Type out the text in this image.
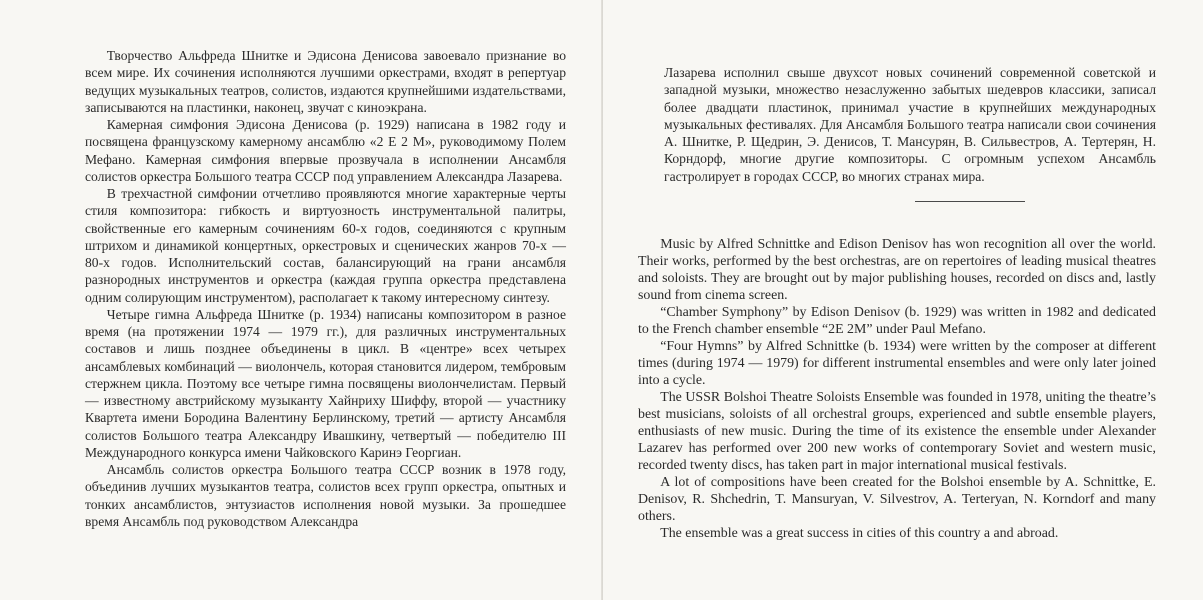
Творчество Альфреда Шнитке и Эдисона Денисова завоевало признание во всем мире. Их сочинения исполняются лучшими оркестрами, входят в репертуар ведущих музыкальных театров, солистов, издаются крупнейшими издательствами, записываются на пластинки, наконец, звучат с киноэкрана.

Камерная симфония Эдисона Денисова (р. 1929) написана в 1982 году и посвящена французскому камерному ансамблю «2 Е 2 М», руководимому Полем Мефано. Камерная симфония впервые прозвучала в исполнении Ансамбля солистов оркестра Большого театра СССР под управлением Александра Лазарева.

В трехчастной симфонии отчетливо проявляются многие характерные черты стиля композитора: гибкость и виртуозность инструментальной палитры, свойственные его камерным сочинениям 60-х годов, соединяются с крупным штрихом и динамикой концертных, оркестровых и сценических жанров 70-х — 80-х годов. Исполнительский состав, балансирующий на грани ансамбля разнородных инструментов и оркестра (каждая группа оркестра представлена одним солирующим инструментом), располагает к такому интересному синтезу.

Четыре гимна Альфреда Шнитке (р. 1934) написаны композитором в разное время (на протяжении 1974 — 1979 гг.), для различных инструментальных составов и лишь позднее объединены в цикл. В «центре» всех четырех ансамблевых комбинаций — виолончель, которая становится лидером, тембровым стержнем цикла. Поэтому все четыре гимна посвящены виолончелистам. Первый — известному австрийскому музыканту Хайнриху Шиффу, второй — участнику Квартета имени Бородина Валентину Берлинскому, третий — артисту Ансамбля солистов Большого театра Александру Ивашкину, четвертый — победителю III Международного конкурса имени Чайковского Каринэ Георгиан.

Ансамбль солистов оркестра Большого театра СССР возник в 1978 году, объединив лучших музыкантов театра, солистов всех групп оркестра, опытных и тонких ансамблистов, энтузиастов исполнения новой музыки. За прошедшее время Ансамбль под руководством Александра

Лазарева исполнил свыше двухсот новых сочинений современной советской и западной музыки, множество незаслуженно забытых шедевров классики, записал более двадцати пластинок, принимал участие в крупнейших международных музыкальных фестивалях. Для Ансамбля Большого театра написали свои сочинения А. Шнитке, Р. Щедрин, Э. Денисов, Т. Мансурян, В. Сильвестров, А. Тертерян, Н. Корндорф, многие другие композиторы. С огромным успехом Ансамбль гастролирует в городах СССР, во многих странах мира.

Music by Alfred Schnittke and Edison Denisov has won recognition all over the world. Their works, performed by the best orchestras, are on repertoires of leading musical theatres and soloists. They are brought out by major publishing houses, recorded on discs and, lastly sound from cinema screen.

“Chamber Symphony” by Edison Denisov (b. 1929) was written in 1982 and dedicated to the French chamber ensemble “2E 2M” under Paul Mefano.

“Four Hymns” by Alfred Schnittke (b. 1934) were written by the composer at different times (during 1974 — 1979) for different instrumental ensembles and were only later joined into a cycle.

The USSR Bolshoi Theatre Soloists Ensemble was founded in 1978, uniting the theatre’s best musicians, soloists of all orchestral groups, experienced and subtle ensemble players, enthusiasts of new music. During the time of its existence the ensemble under Alexander Lazarev has performed over 200 new works of contemporary Soviet and western music, recorded twenty discs, has taken part in major international musical festivals.

A lot of compositions have been created for the Bolshoi ensemble by A. Schnittke, E. Denisov, R. Shchedrin, T. Mansuryan, V. Silvestrov, A. Terteryan, N. Korndorf and many others.

The ensemble was a great success in cities of this country a and abroad.
